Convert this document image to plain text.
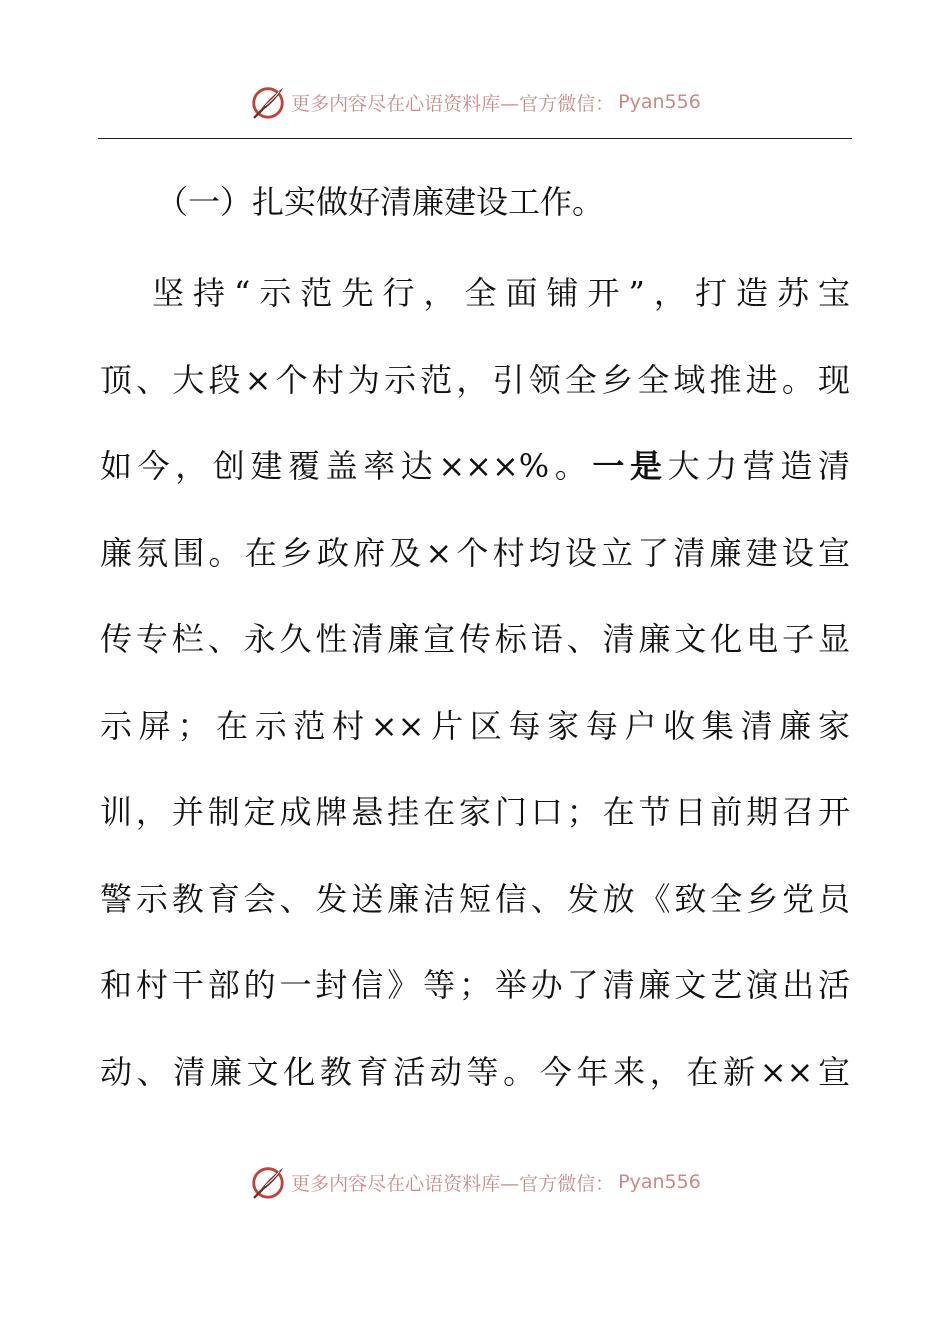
更多内容尽在心语资料库—官方微信： Pyan556
（一）扎实做好清廉建设工作。
坚持“示范先行，全面铺开”，打造苏宝
顶、大段×个村为示范，引领全乡全域推进。现
如今，创建覆盖率达×××%。一是大力营造清
廉氛围。在乡政府及×个村均设立了清廉建设宣
传专栏、永久性清廉宣传标语、清廉文化电子显
示屏；在示范村××片区每家每户收集清廉家
训，并制定成牌悬挂在家门口；在节日前期召开
警示教育会、发送廉洁短信、发放《致全乡党员
和村干部的一封信》等；举办了清廉文艺演出活
动、清廉文化教育活动等。今年来，在新××宣
更多内容尽在心语资料库—官方微信： Pyan556
